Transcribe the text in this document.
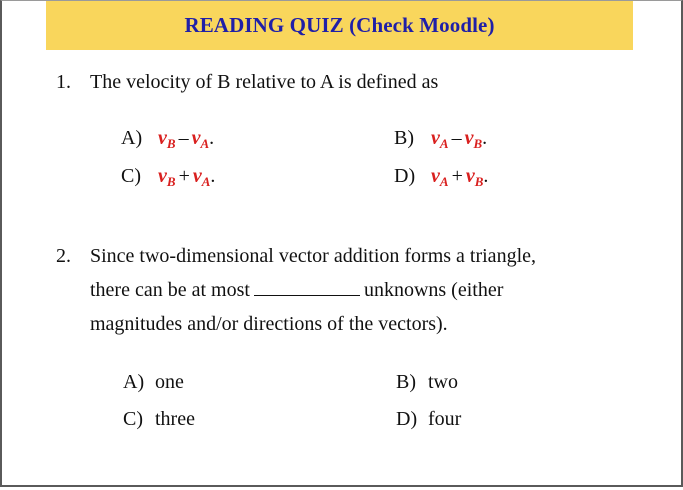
READING QUIZ (Check Moodle)
1. The velocity of B relative to A is defined as
A) $v_B - v_A$.	B) $v_A - v_B$.
C) $v_B + v_A$.	D) $v_A + v_B$.
2. Since two-dimensional vector addition forms a triangle,
there can be at most	unknowns (either
magnitudes and/or directions of the vectors).
A) one	B) two
C) three	D) four
